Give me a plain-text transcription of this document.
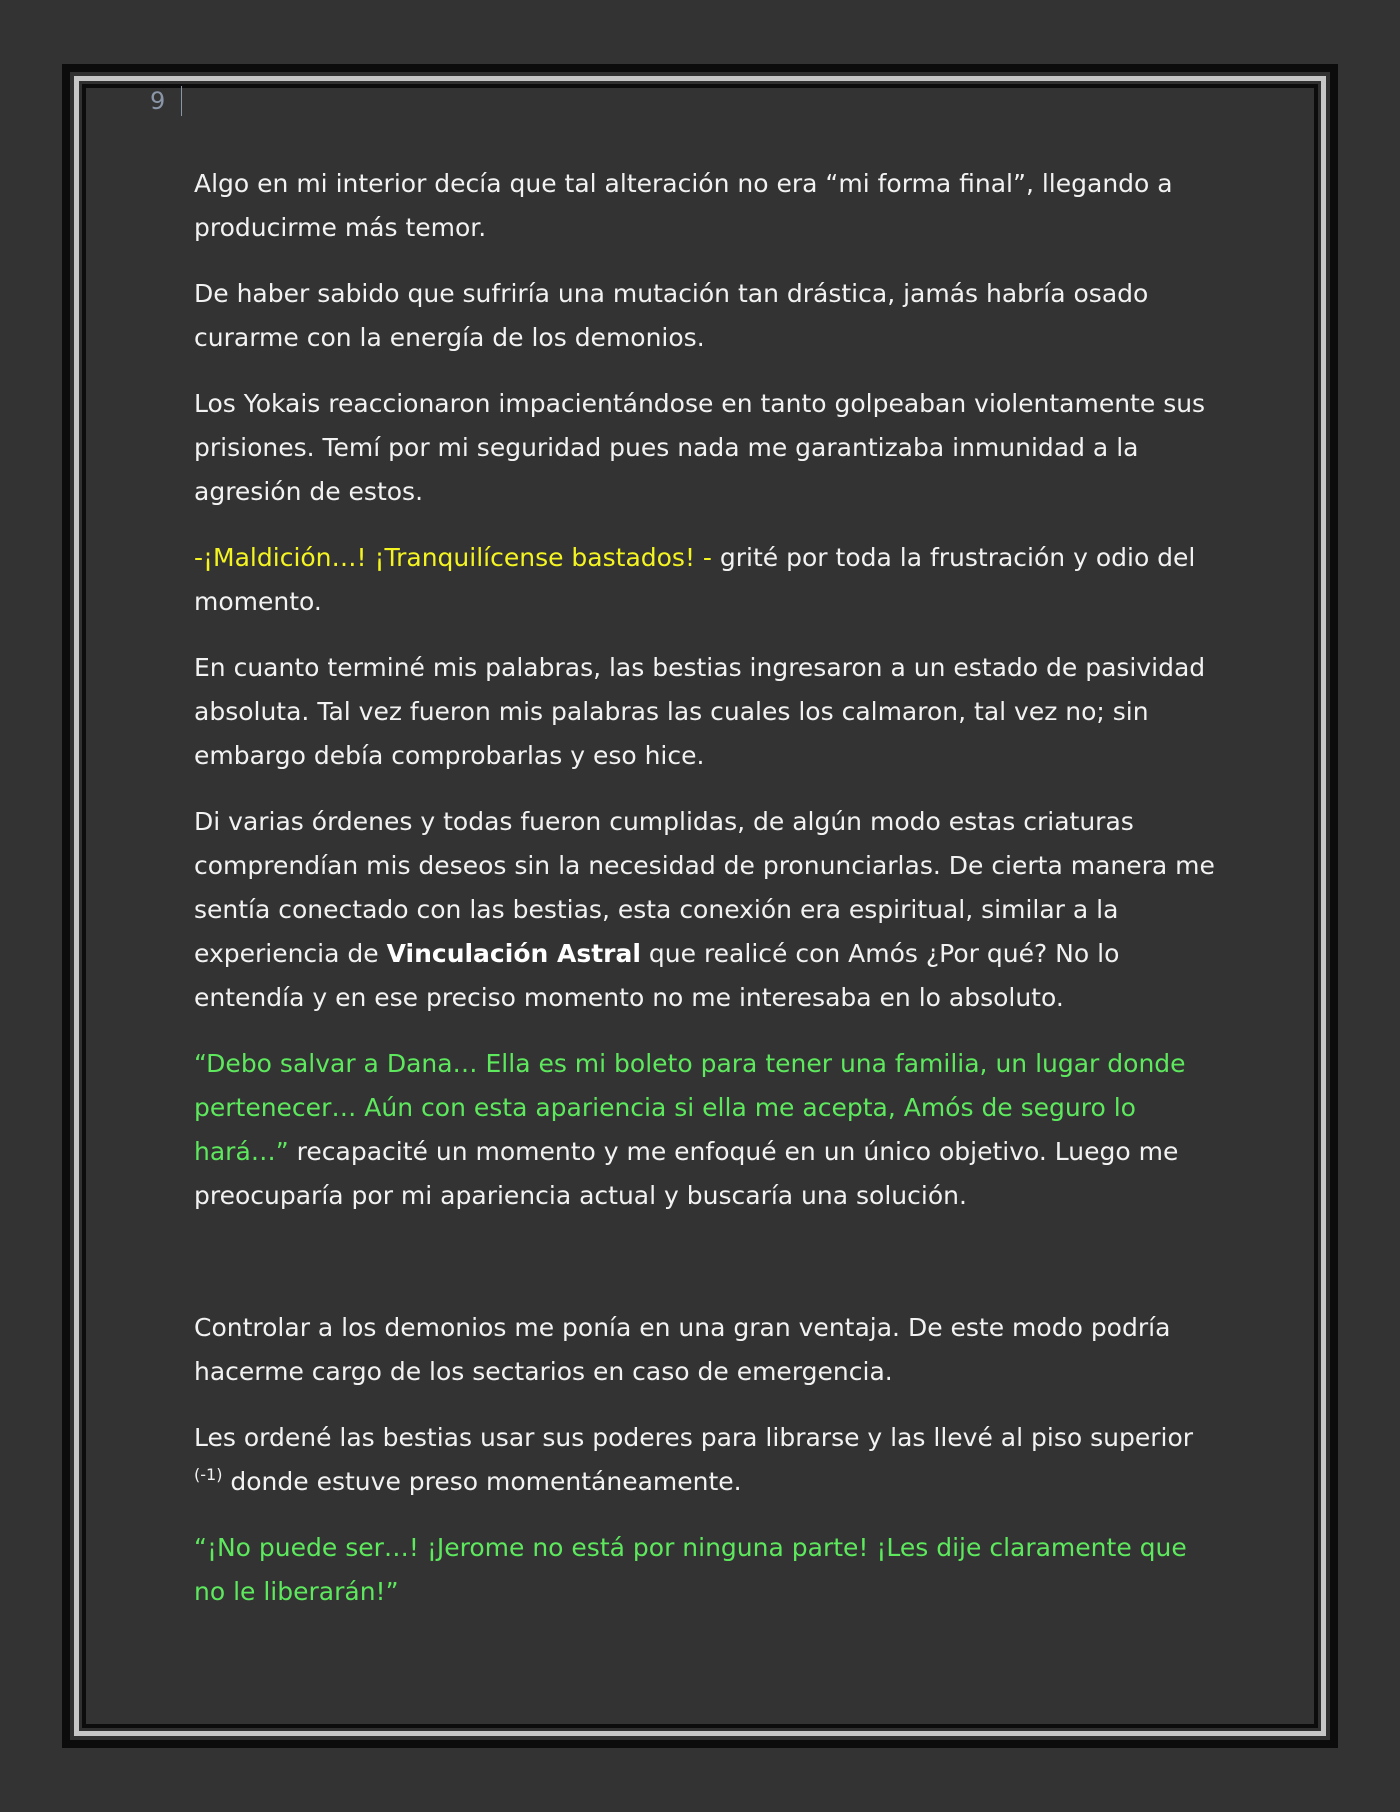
9

Algo en mi interior decía que tal alteración no era “mi forma final”, llegando a producirme más temor.

De haber sabido que sufriría una mutación tan drástica, jamás habría osado curarme con la energía de los demonios.

Los Yokais reaccionaron impacientándose en tanto golpeaban violentamente sus prisiones. Temí por mi seguridad pues nada me garantizaba inmunidad a la agresión de estos.

-¡Maldición…! ¡Tranquilícense bastados! - grité por toda la frustración y odio del momento.

En cuanto terminé mis palabras, las bestias ingresaron a un estado de pasividad absoluta. Tal vez fueron mis palabras las cuales los calmaron, tal vez no; sin embargo debía comprobarlas y eso hice.

Di varias órdenes y todas fueron cumplidas, de algún modo estas criaturas comprendían mis deseos sin la necesidad de pronunciarlas. De cierta manera me sentía conectado con las bestias, esta conexión era espiritual, similar a la experiencia de Vinculación Astral que realicé con Amós ¿Por qué? No lo entendía y en ese preciso momento no me interesaba en lo absoluto.

“Debo salvar a Dana… Ella es mi boleto para tener una familia, un lugar donde pertenecer… Aún con esta apariencia si ella me acepta, Amós de seguro lo hará…” recapacité un momento y me enfoqué en un único objetivo. Luego me preocuparía por mi apariencia actual y buscaría una solución.

Controlar a los demonios me ponía en una gran ventaja. De este modo podría hacerme cargo de los sectarios en caso de emergencia.

Les ordené las bestias usar sus poderes para librarse y las llevé al piso superior $^{(-1)}$ donde estuve preso momentáneamente.

“¡No puede ser…! ¡Jerome no está por ninguna parte! ¡Les dije claramente que no le liberarán!”
